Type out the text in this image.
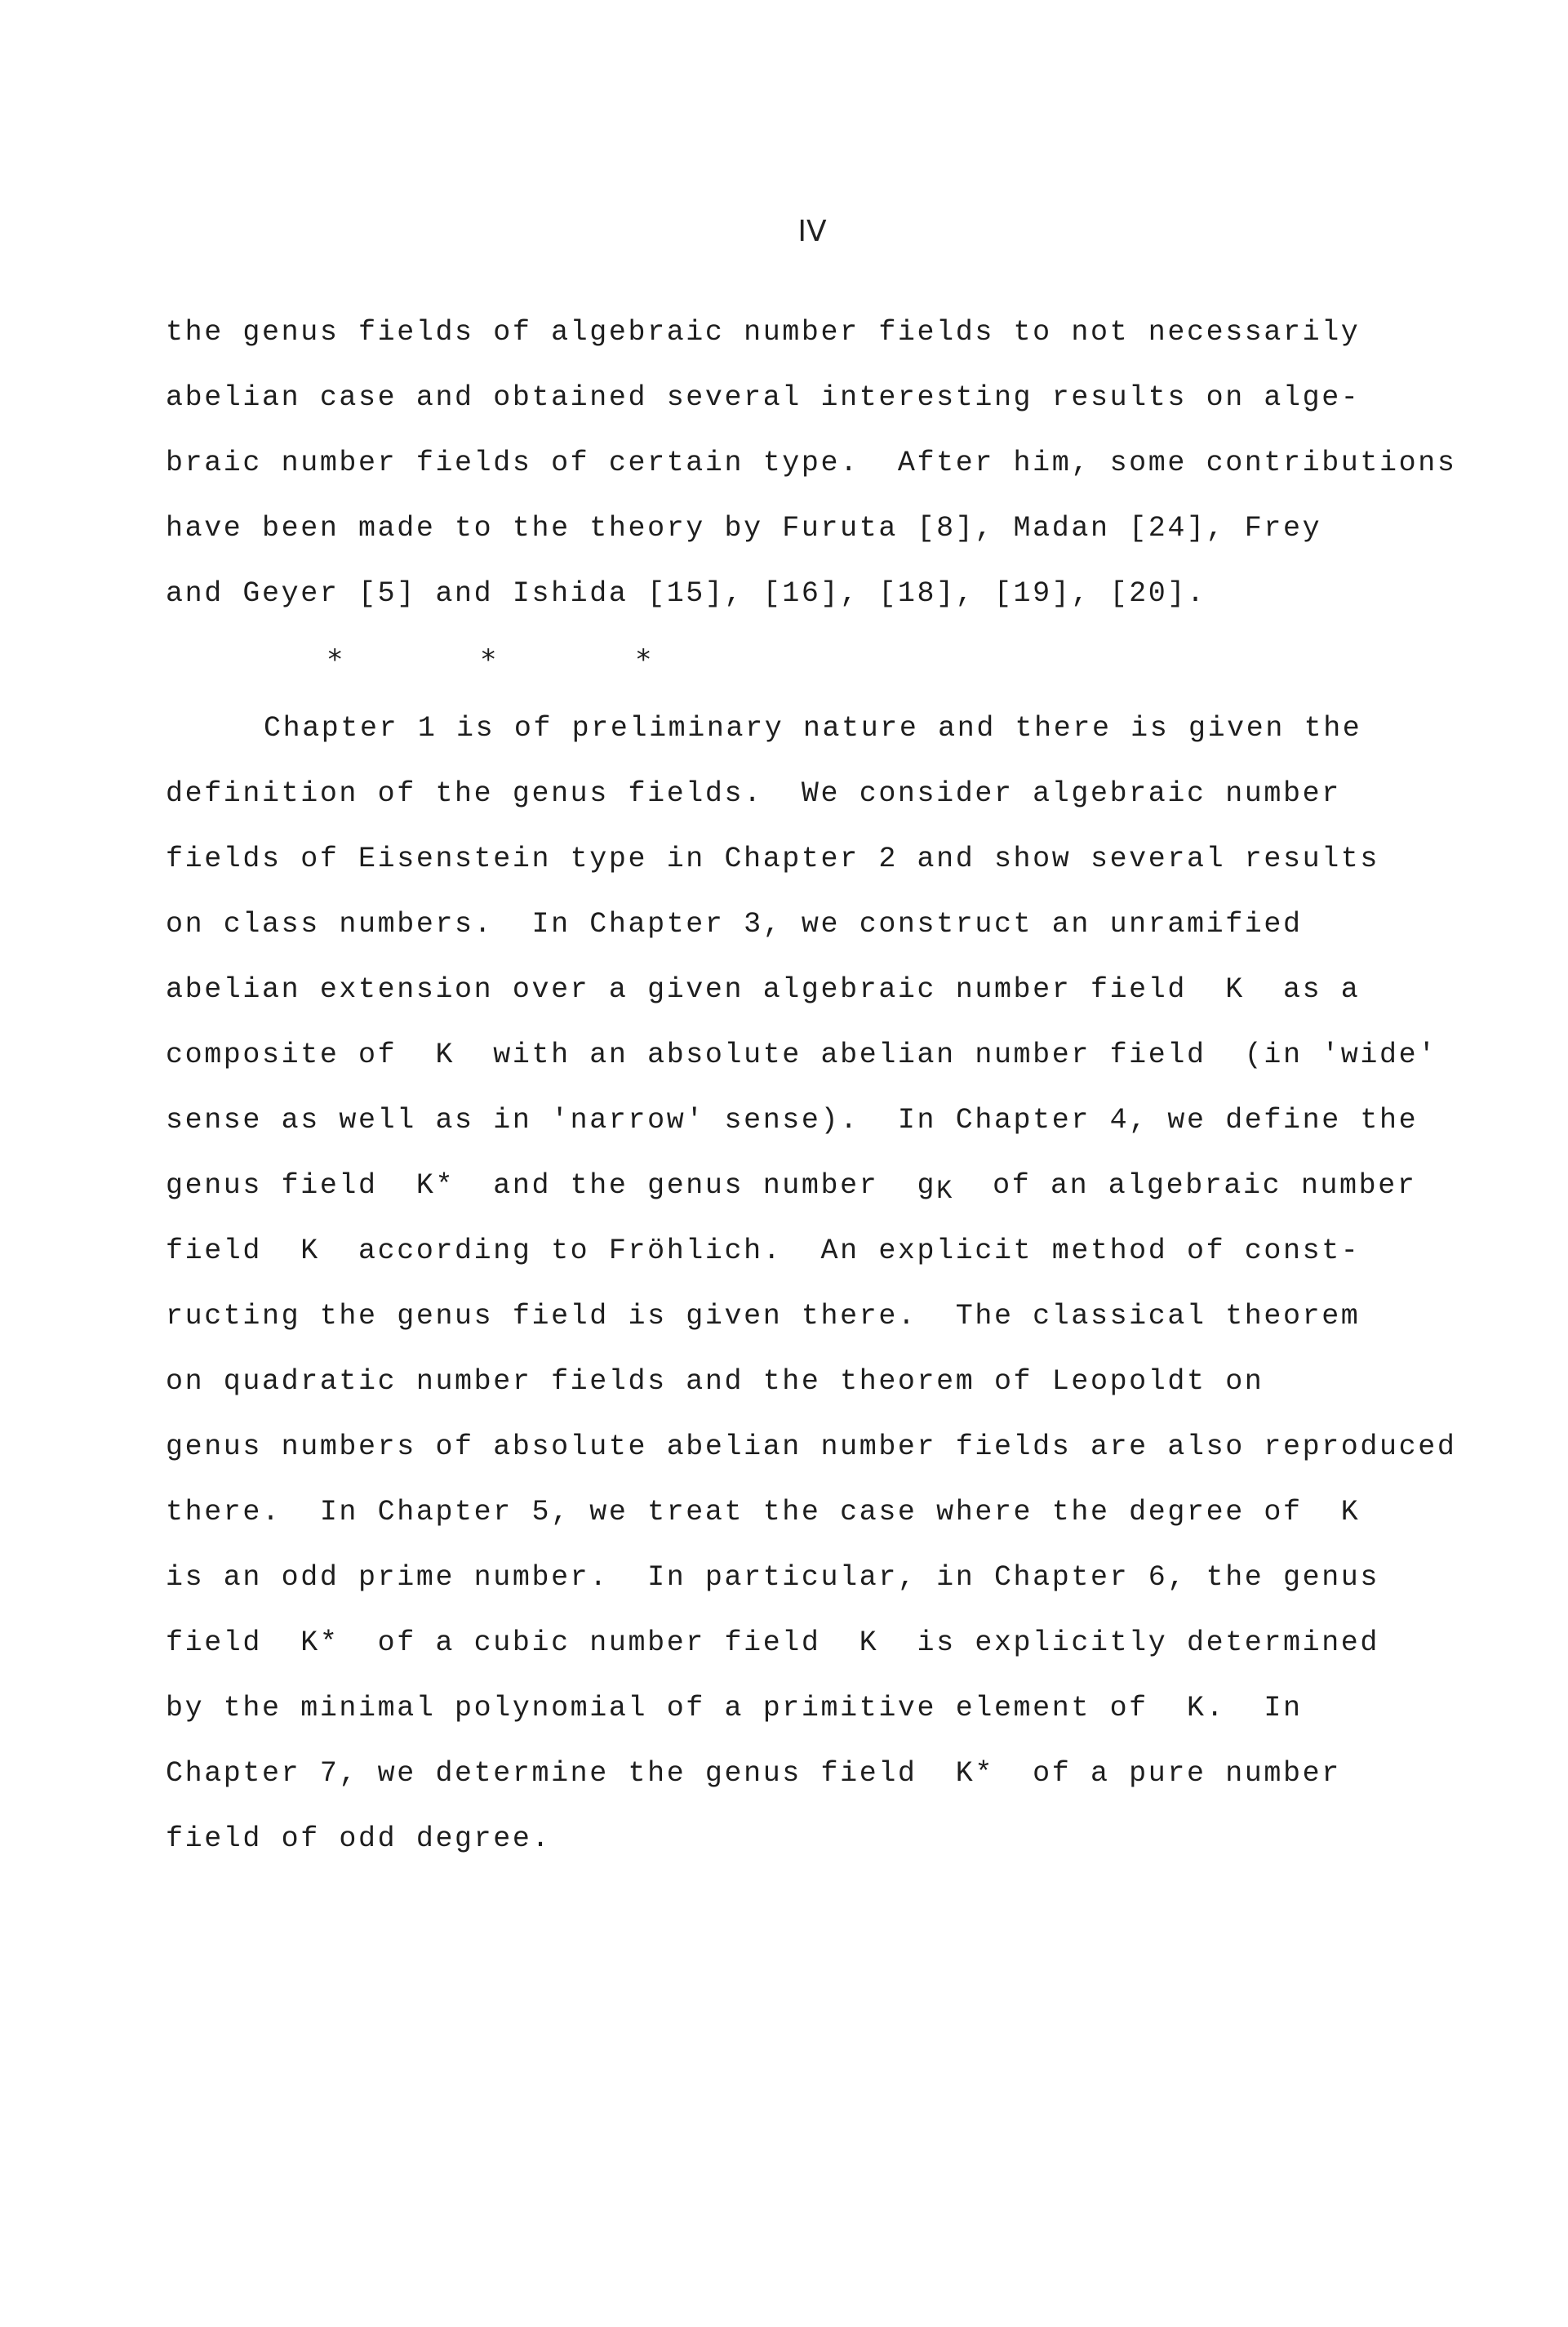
IV

the genus fields of algebraic number fields to not necessarily

abelian case and obtained several interesting results on alge-

braic number fields of certain type.  After him, some contributions

have been made to the theory by Furuta [8], Madan [24], Frey

and Geyer [5] and Ishida [15], [16], [18], [19], [20].

*	*	*

Chapter 1 is of preliminary nature and there is given the

definition of the genus fields.  We consider algebraic number

fields of Eisenstein type in Chapter 2 and show several results

on class numbers.  In Chapter 3, we construct an unramified

abelian extension over a given algebraic number field  K  as a

composite of  K  with an absolute abelian number field  (in 'wide'

sense as well as in 'narrow' sense).  In Chapter 4, we define the

genus field  K*  and the genus number  $g_K$  of an algebraic number

field  K  according to Fröhlich.  An explicit method of const-

ructing the genus field is given there.  The classical theorem

on quadratic number fields and the theorem of Leopoldt on

genus numbers of absolute abelian number fields are also reproduced

there.  In Chapter 5, we treat the case where the degree of  K

is an odd prime number.  In particular, in Chapter 6, the genus

field  K*  of a cubic number field  K  is explicitly determined

by the minimal polynomial of a primitive element of  K.  In

Chapter 7, we determine the genus field  K*  of a pure number

field of odd degree.
